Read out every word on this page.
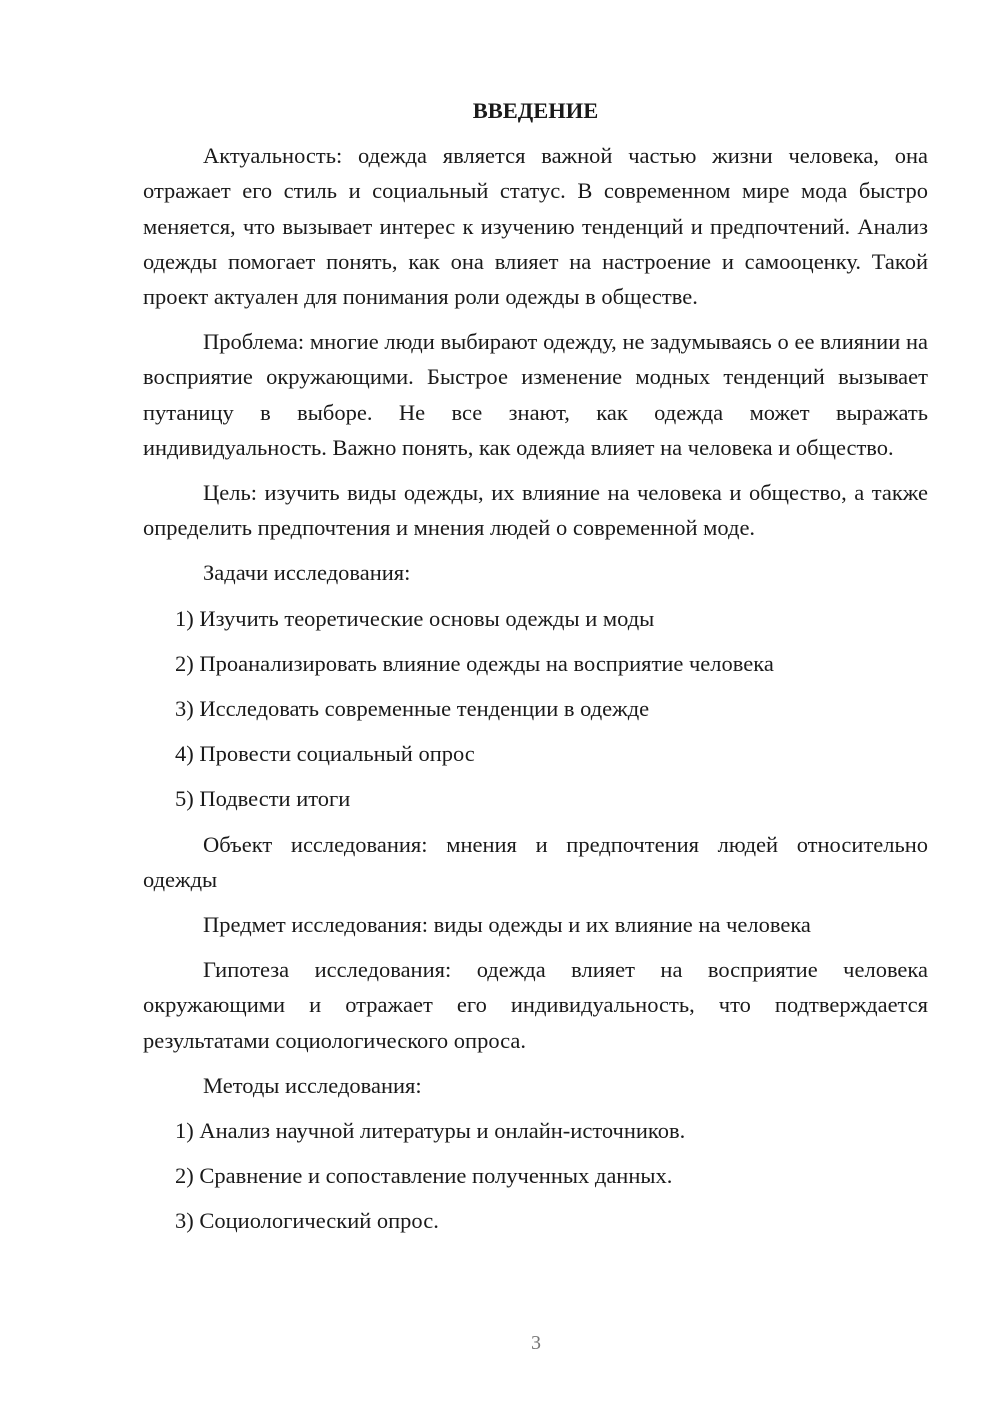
ВВЕДЕНИЕ

Актуальность: одежда является важной частью жизни человека, она отражает его стиль и социальный статус. В современном мире мода быстро меняется, что вызывает интерес к изучению тенденций и предпочтений. Анализ одежды помогает понять, как она влияет на настроение и самооценку. Такой проект актуален для понимания роли одежды в обществе.

Проблема: многие люди выбирают одежду, не задумываясь о ее влиянии на восприятие окружающими. Быстрое изменение модных тенденций вызывает путаницу в выборе. Не все знают, как одежда может выражать индивидуальность. Важно понять, как одежда влияет на человека и общество.

Цель: изучить виды одежды, их влияние на человека и общество, а также определить предпочтения и мнения людей о современной моде.

Задачи исследования:

1) Изучить теоретические основы одежды и моды
2) Проанализировать влияние одежды на восприятие человека
3) Исследовать современные тенденции в одежде
4) Провести социальный опрос
5) Подвести итоги

Объект исследования: мнения и предпочтения людей относительно одежды

Предмет исследования: виды одежды и их влияние на человека

Гипотеза исследования: одежда влияет на восприятие человека окружающими и отражает его индивидуальность, что подтверждается результатами социологического опроса.

Методы исследования:

1) Анализ научной литературы и онлайн-источников.
2) Сравнение и сопоставление полученных данных.
3) Социологический опрос.
3
